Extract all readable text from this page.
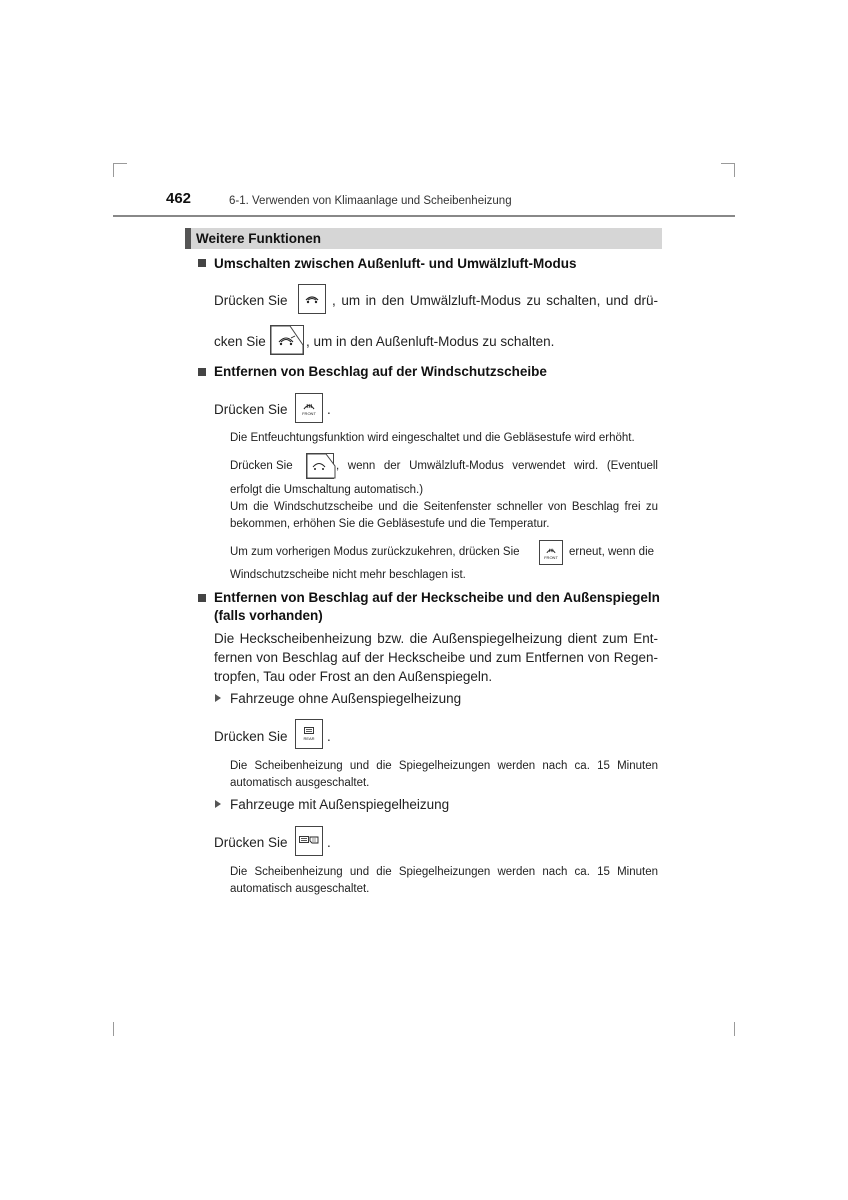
462	6-1. Verwenden von Klimaanlage und Scheibenheizung
Weitere Funktionen
Umschalten zwischen Außenluft- und Umwälzluft-Modus
Drücken Sie	, um in den Umwälzluft-Modus zu schalten, und drü-
cken Sie	, um in den Außenluft-Modus zu schalten.
Entfernen von Beschlag auf der Windschutzscheibe
Drücken Sie	FRONT .
Die Entfeuchtungsfunktion wird eingeschaltet und die Gebläsestufe wird erhöht.
Drücken Sie	, wenn der Umwälzluft-Modus verwendet wird. (Eventuell
erfolgt die Umschaltung automatisch.)
Um die Windschutzscheibe und die Seitenfenster schneller von Beschlag frei zu
bekommen, erhöhen Sie die Gebläsestufe und die Temperatur.
Um zum vorherigen Modus zurückzukehren, drücken Sie	FRONT erneut, wenn die
Windschutzscheibe nicht mehr beschlagen ist.
Entfernen von Beschlag auf der Heckscheibe und den Außenspiegeln
(falls vorhanden)
Die Heckscheibenheizung bzw. die Außenspiegelheizung dient zum Ent-
fernen von Beschlag auf der Heckscheibe und zum Entfernen von Regen-
tropfen, Tau oder Frost an den Außenspiegeln.
Fahrzeuge ohne Außenspiegelheizung
Drücken Sie	REAR .
Die Scheibenheizung und die Spiegelheizungen werden nach ca. 15 Minuten
automatisch ausgeschaltet.
Fahrzeuge mit Außenspiegelheizung
Drücken Sie	.
Die Scheibenheizung und die Spiegelheizungen werden nach ca. 15 Minuten
automatisch ausgeschaltet.
